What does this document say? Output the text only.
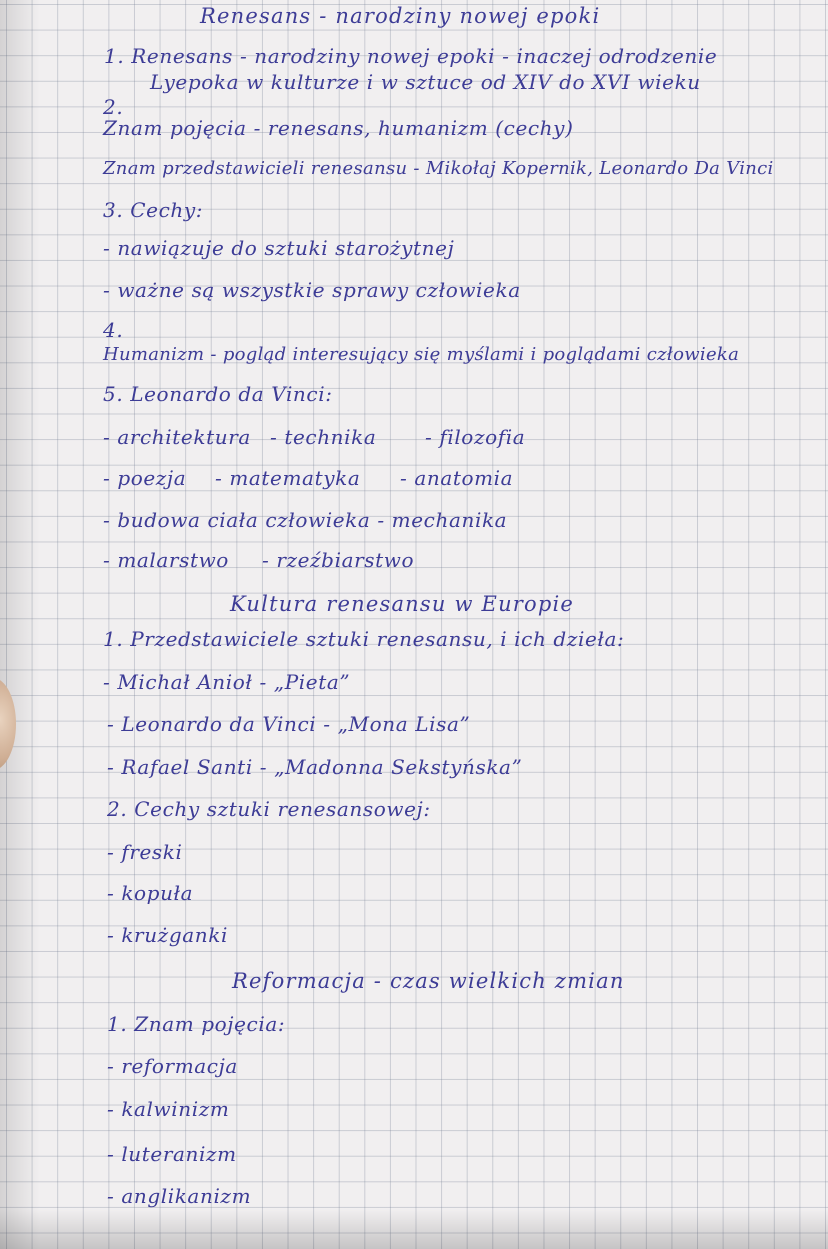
Renesans - narodziny nowej epoki
1. Renesans - narodziny nowej epoki - inaczej odrodzenie
Lyepoka w kulturze i w sztuce od XIV do XVI wieku
2.
Znam pojęcia - renesans, humanizm (cechy)
Znam przedstawicieli renesansu - Mikołaj Kopernik, Leonardo Da Vinci
3. Cechy:
- nawiązuje do sztuki starożytnej
- ważne są wszystkie sprawy człowieka
4.
Humanizm - pogląd interesujący się myślami i poglądami człowieka
5. Leonardo da Vinci:
- architektura - technika - filozofia
- poezja - matematyka - anatomia
- budowa ciała człowieka - mechanika
- malarstwo - rzeźbiarstwo
Kultura renesansu w Europie
1. Przedstawiciele sztuki renesansu, i ich dzieła:
- Michał Anioł - „Pieta”
- Leonardo da Vinci - „Mona Lisa”
- Rafael Santi - „Madonna Sekstyńska”
2. Cechy sztuki renesansowej:
- freski
- kopuła
- krużganki
Reformacja - czas wielkich zmian
1. Znam pojęcia:
- reformacja
- kalwinizm
- luteranizm
- anglikanizm
